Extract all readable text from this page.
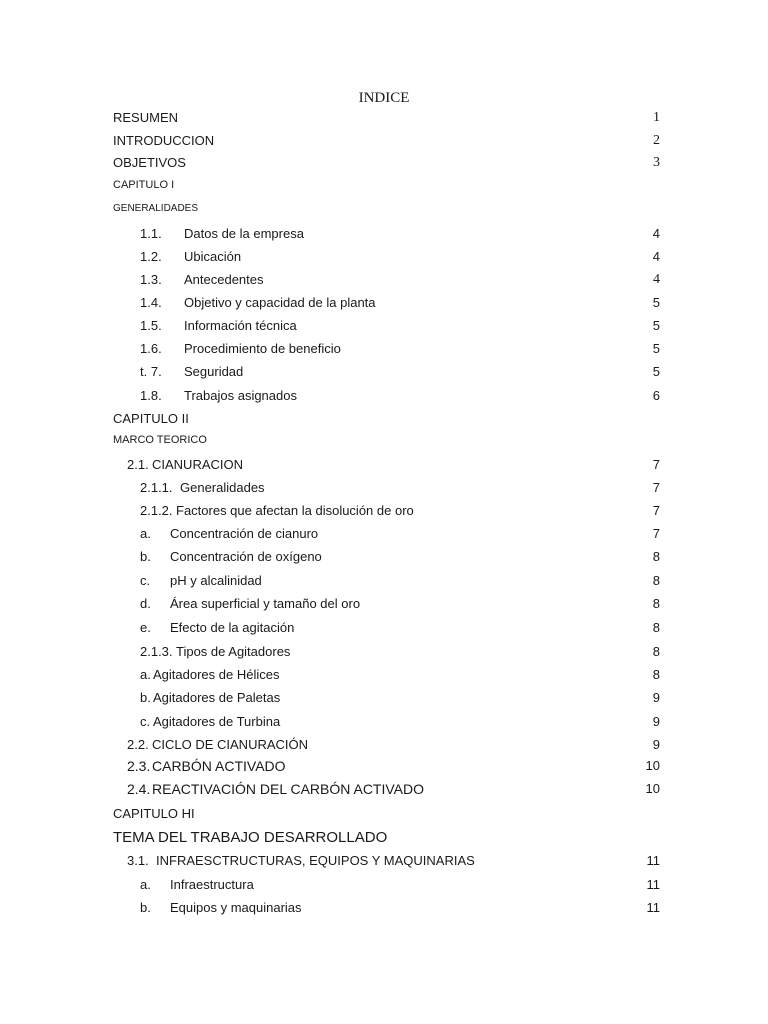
INDICE
RESUMEN	1
INTRODUCCION	2
OBJETIVOS	3
CAPITULO I
GENERALIDADES
1.1. Datos de la empresa	4
1.2. Ubicación	4
1.3. Antecedentes	4
1.4. Objetivo y capacidad de la planta	5
1.5. Información técnica	5
1.6. Procedimiento de beneficio	5
t. 7. Seguridad	5
1.8. Trabajos asignados	6
CAPITULO II
MARCO TEORICO
2.1. CIANURACION	7
2.1.1. Generalidades	7
2.1.2. Factores que afectan la disolución de oro	7
a. Concentración de cianuro	7
b. Concentración de oxígeno	8
c. pH y alcalinidad	8
d. Área superficial y tamaño del oro	8
e. Efecto de la agitación	8
2.1.3. Tipos de Agitadores	8
a. Agitadores de Hélices	8
b. Agitadores de Paletas	9
c. Agitadores de Turbina	9
2.2. CICLO DE CIANURACIÓN	9
2.3. CARBÓN ACTIVADO	10
2.4. REACTIVACIÓN DEL CARBÓN ACTIVADO	10
CAPITULO HI
TEMA DEL TRABAJO DESARROLLADO
3.1. INFRAESCTRUCTURAS, EQUIPOS Y MAQUINARIAS	11
a. Infraestructura	11
b. Equipos y maquinarias	11
